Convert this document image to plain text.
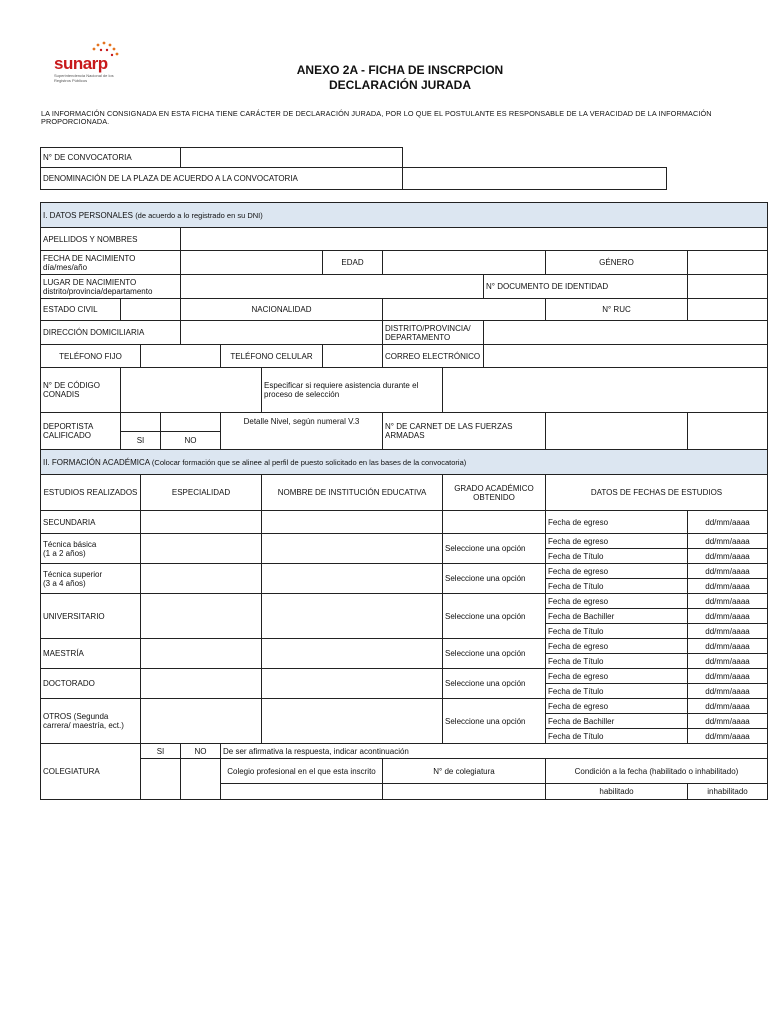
sunarp
Superintendencia Nacional de los Registros Públicos
ANEXO 2A - FICHA DE INSCRPCION
DECLARACIÓN JURADA
LA INFORMACIÓN CONSIGNADA EN ESTA FICHA TIENE CARÁCTER DE DECLARACIÓN JURADA, POR LO QUE EL POSTULANTE ES RESPONSABLE DE LA VERACIDAD DE LA INFORMACIÓN PROPORCIONADA.
N° DE CONVOCATORIA		
DENOMINACIÓN DE LA PLAZA DE ACUERDO A LA CONVOCATORIA		
I. DATOS PERSONALES (de acuerdo a lo registrado en su DNI)												
APELLIDOS Y NOMBRES												

FECHA DE NACIMIENTO
día/mes/año							EDAD				GÉNERO	

LUGAR DE NACIMIENTO
distrito/provincia/departamento										N° DOCUMENTO DE IDENTIDAD		
ESTADO CIVIL				NACIONALIDAD							N° RUC	
DIRECCIÓN DOMICILIARIA								DISTRITO/PROVINCIA/ DEPARTAMENTO				
TELÉFONO FIJO					TELÉFONO CELULAR			CORREO ELECTRÓNICO				
N° DE CÓDIGO CONADIS						Especificar si requiere asistencia durante el proceso de selección						
DEPORTISTA CALIFICADO					Detalle Nivel, según numeral V.3			N° DE CARNET DE LAS FUERZAS ARMADAS				
	SI		NO									
II. FORMACIÓN ACADÉMICA (Colocar formación que se alinee al perfil de puesto solicitado en las bases de la convocatoria)												
ESTUDIOS REALIZADOS		ESPECIALIDAD				NOMBRE DE INSTITUCIÓN EDUCATIVA			GRADO ACADÉMICO OBTENIDO		DATOS DE FECHAS DE ESTUDIOS	
SECUNDARIA											Fecha de egreso	dd/mm/aaaa

Técnica básica
(1 a 2 años)									Seleccione una opción		Fecha de egreso	dd/mm/aaaa
											Fecha de Título	dd/mm/aaaa

Técnica superior
(3 a 4 años)									Seleccione una opción		Fecha de egreso	dd/mm/aaaa
											Fecha de Título	dd/mm/aaaa
UNIVERSITARIO									Seleccione una opción		Fecha de egreso	dd/mm/aaaa
											Fecha de Bachiller	dd/mm/aaaa
											Fecha de Título	dd/mm/aaaa
MAESTRÍA									Seleccione una opción		Fecha de egreso	dd/mm/aaaa
											Fecha de Título	dd/mm/aaaa
DOCTORADO									Seleccione una opción		Fecha de egreso	dd/mm/aaaa
											Fecha de Título	dd/mm/aaaa
OTROS (Segunda carrera/ maestría, ect.)									Seleccione una opción		Fecha de egreso	dd/mm/aaaa
											Fecha de Bachiller	dd/mm/aaaa
											Fecha de Título	dd/mm/aaaa
COLEGIATURA		SI		NO	De ser afirmativa la respuesta, indicar acontinuación							
					Colegio profesional en el que esta inscrito			N° de colegiatura			Condición a la fecha (habilitado o inhabilitado)	

											habilitado	inhabilitado
